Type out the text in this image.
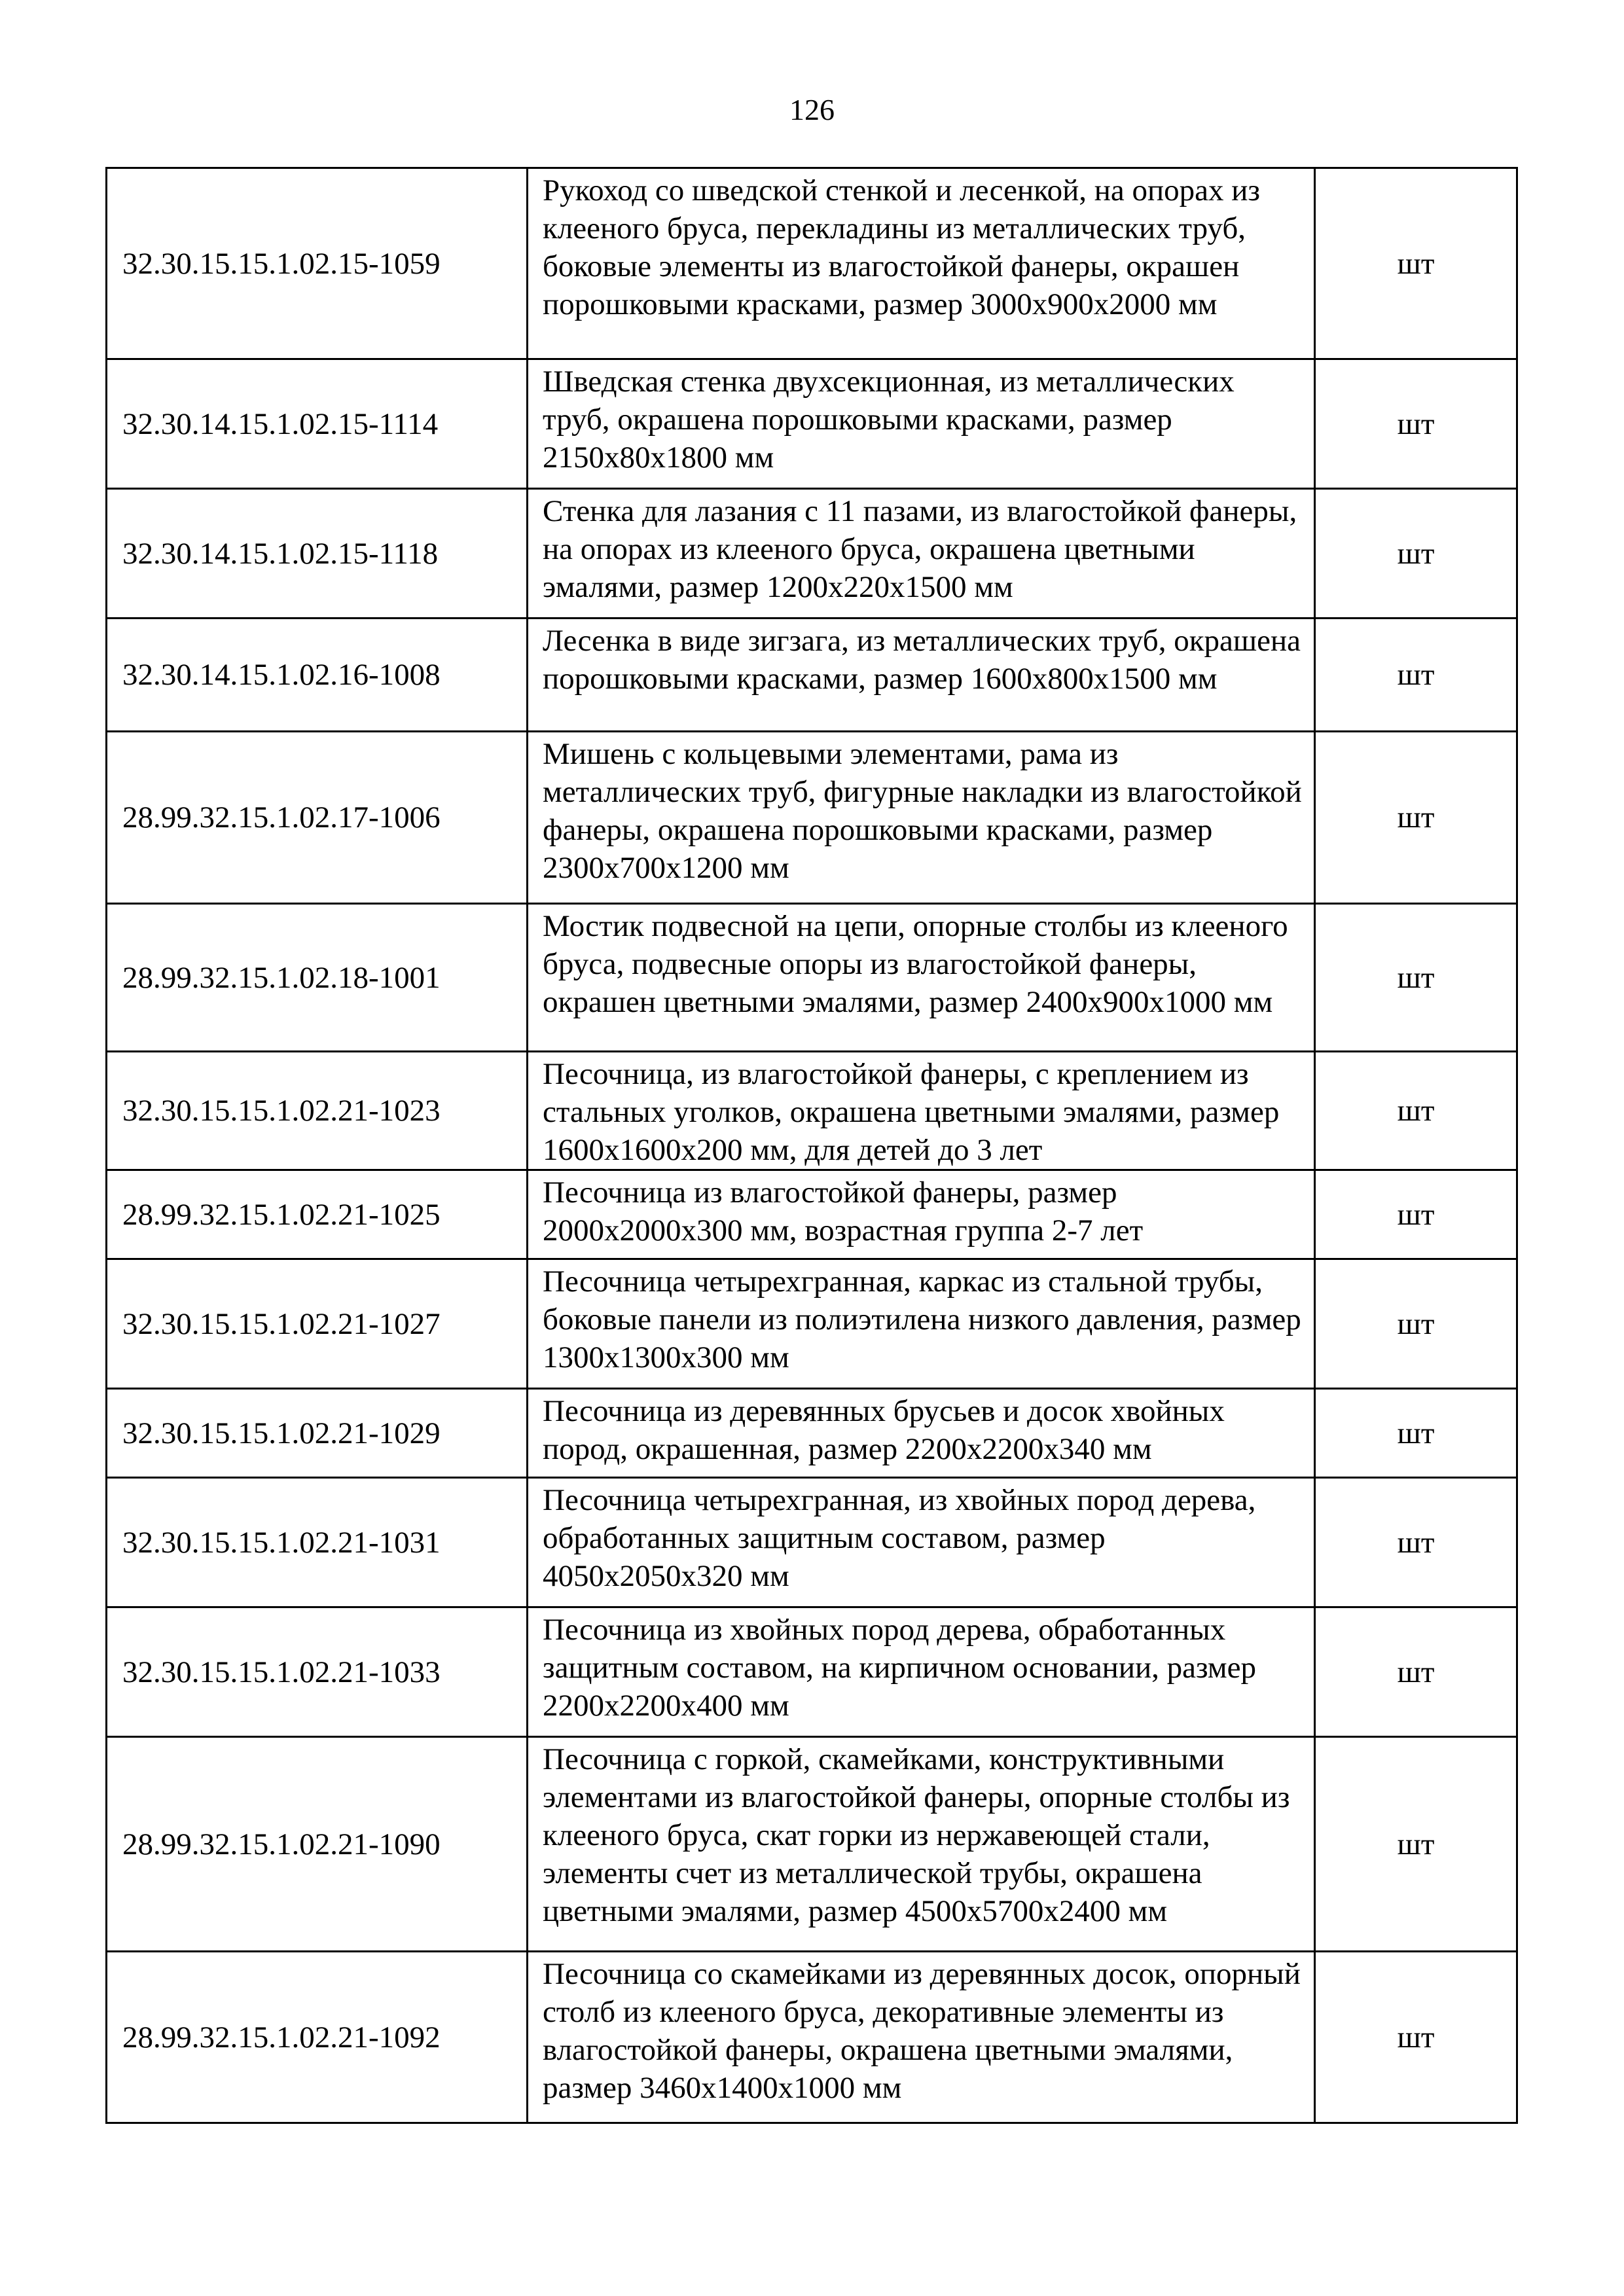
126
32.30.15.15.1.02.15-1059	Рукоход со шведской стенкой и лесенкой, на опорах из клееного бруса, перекладины из металлических труб, боковые элементы из влагостойкой фанеры, окрашен порошковыми красками, размер 3000х900х2000 мм	шт
32.30.14.15.1.02.15-1114	Шведская стенка двухсекционная, из металлических труб, окрашена порошковыми красками, размер 2150х80х1800 мм	шт
32.30.14.15.1.02.15-1118	Стенка для лазания с 11 пазами, из влагостойкой фанеры, на опорах из клееного бруса, окрашена цветными эмалями, размер 1200х220х1500 мм	шт
32.30.14.15.1.02.16-1008	Лесенка в виде зигзага, из металлических труб, окрашена порошковыми красками, размер 1600х800х1500 мм	шт
28.99.32.15.1.02.17-1006	Мишень с кольцевыми элементами, рама из металлических труб, фигурные накладки из влагостойкой фанеры, окрашена порошковыми красками, размер 2300х700х1200 мм	шт
28.99.32.15.1.02.18-1001	Мостик подвесной на цепи, опорные столбы из клееного бруса, подвесные опоры из влагостойкой фанеры, окрашен цветными эмалями, размер 2400х900х1000 мм	шт
32.30.15.15.1.02.21-1023	Песочница, из влагостойкой фанеры, с креплением из стальных уголков, окрашена цветными эмалями, размер 1600х1600х200 мм, для детей до 3 лет	шт
28.99.32.15.1.02.21-1025	Песочница из влагостойкой фанеры, размер 2000х2000х300 мм, возрастная группа 2-7 лет	шт
32.30.15.15.1.02.21-1027	Песочница четырехгранная, каркас из стальной трубы, боковые панели из полиэтилена низкого давления, размер 1300х1300х300 мм	шт
32.30.15.15.1.02.21-1029	Песочница из деревянных брусьев и досок хвойных пород, окрашенная, размер 2200х2200х340 мм	шт
32.30.15.15.1.02.21-1031	Песочница четырехгранная, из хвойных пород дерева, обработанных защитным составом, размер 4050х2050х320 мм	шт
32.30.15.15.1.02.21-1033	Песочница из хвойных пород дерева, обработанных защитным составом, на кирпичном основании, размер 2200х2200х400 мм	шт
28.99.32.15.1.02.21-1090	Песочница с горкой, скамейками, конструктивными элементами из влагостойкой фанеры, опорные столбы из клееного бруса, скат горки из нержавеющей стали, элементы счет из металлической трубы, окрашена цветными эмалями, размер 4500х5700х2400 мм	шт
28.99.32.15.1.02.21-1092	Песочница со скамейками из деревянных досок, опорный столб из клееного бруса, декоративные элементы из влагостойкой фанеры, окрашена цветными эмалями, размер 3460х1400х1000 мм	шт
